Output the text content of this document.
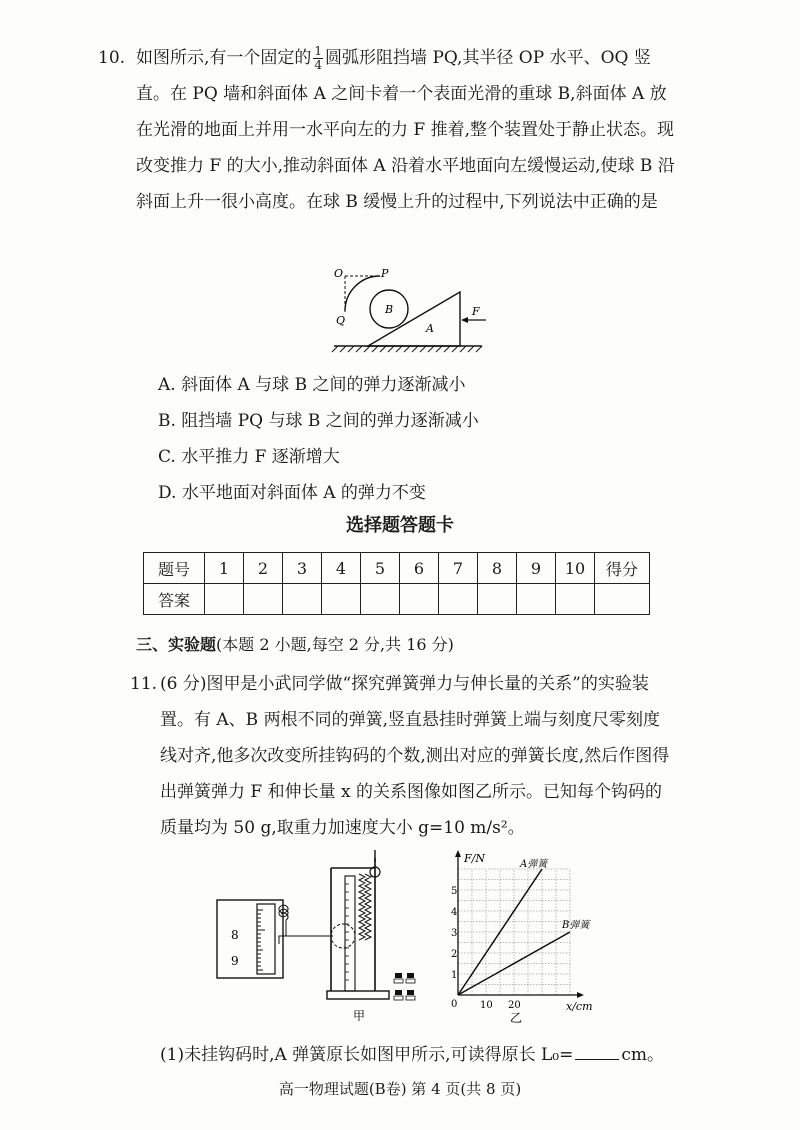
10. 如图所示,有一个固定的 $\frac{1}{4}$ 圆弧形阻挡墙 PQ,其半径 OP 水平、OQ 竖直。在 PQ 墙和斜面体 A 之间卡着一个表面光滑的重球 B,斜面体 A 放在光滑的地面上并用一水平向左的力 F 推着,整个装置处于静止状态。现改变推力 F 的大小,推动斜面体 A 沿着水平地面向左缓慢运动,使球 B 沿斜面上升一很小高度。在球 B 缓慢上升的过程中,下列说法中正确的是
O	P
Q
B
A
F
A. 斜面体 A 与球 B 之间的弹力逐渐减小
B. 阻挡墙 PQ 与球 B 之间的弹力逐渐减小
C. 水平推力 F 逐渐增大
D. 水平地面对斜面体 A 的弹力不变
选择题答题卡
题号	1	2	3	4	5	6	7	8	9	10	得分
答案											
三、实验题(本题 2 小题,每空 2 分,共 16 分)
11. (6 分)图甲是小武同学做“探究弹簧弹力与伸长量的关系”的实验装置。有 A、B 两根不同的弹簧,竖直悬挂时弹簧上端与刻度尺零刻度线对齐,他多次改变所挂钩码的个数,测出对应的弹簧长度,然后作图得出弹簧弹力 F 和伸长量 x 的关系图像如图乙所示。已知每个钩码的质量均为 50 g,取重力加速度大小 g=10 m/s²。
8
9
甲
A弹簧
B弹簧
10 20
1
2
3
4
5
F/N
x/cm
0
乙
(1)未挂钩码时,A 弹簧原长如图甲所示,可读得原长 L₀=	cm。
高一物理试题(B卷) 第 4 页(共 8 页)
